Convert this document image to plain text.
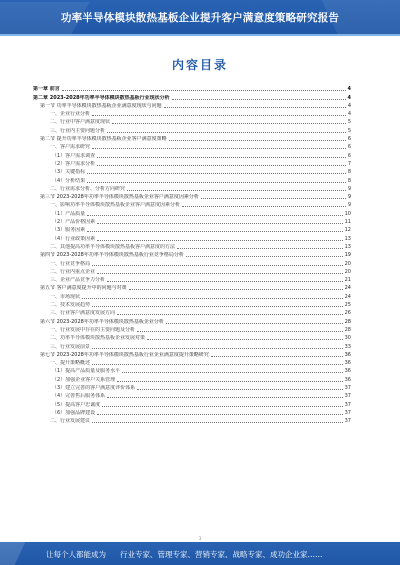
功率半导体模块散热基板企业提升客户满意度策略研究报告
内容目录
第一章 前言	4
第二章 2023-2028年功率半导体模块散热基板行业现状分析	4
第一节 功率半导体模块散热基板企业满意度现状与问题	4
一、企业行业分析	4
二、行业中客户满意度现状	5
三、行业内主要问题分析	5
第二节 提升功率半导体模块散热基板企业客户满意度策略	6
一、客户需求研究	6
（1）客户需求调查	6
（2）客户需求分析	7
（3）关键指标	8
（4）分析结果	8
二、行业需求分析、分析方向研究	9
第三节 2023-2028年功率半导体模块散热基板企业客户满意度因素分析	9
一、影响功率半导体模块散热基板企业客户满意度因素分析	9
（1）产品质量	10
（2）产品价格因素	11
（3）服务因素	12
（4）行业政策因素	13
二、其他提高功率半导体模块散热基板客户满意度的方法	13
第四节 2023-2028年功率半导体模块散热基板行业竞争格局分析	19
一、行业竞争格局	20
二、行业内重点企业	20
三、企业产品竞争力分析	21
第五节 客户满意度提升中的问题与对策	24
一、市场现状	24
二、技术发展趋势	25
三、行业客户满意度发展方向	26
第六节 2023-2028年功率半导体模块散热基板企业分析	28
一、行业发展中存在的主要问题及分析	28
二、功率半导体模块散热基板企业发展对策	30
三、行业发展前景	33
第七节 2023-2028年功率半导体模块散热基板行业企业满意度提升策略研究	36
一、提升策略概述	36
（1）提高产品质量及服务水平	36
（2）加强企业客户关系管理	36
（3）建立完善的客户满意度评价体系	37
（4）完善售后服务体系	37
（5）提高客户忠诚度	37
（6）加强品牌建设	37
二、行业发展建议	37
3
让每个人都能成为 行业专家、管理专家、营销专家、战略专家、成功企业家……
